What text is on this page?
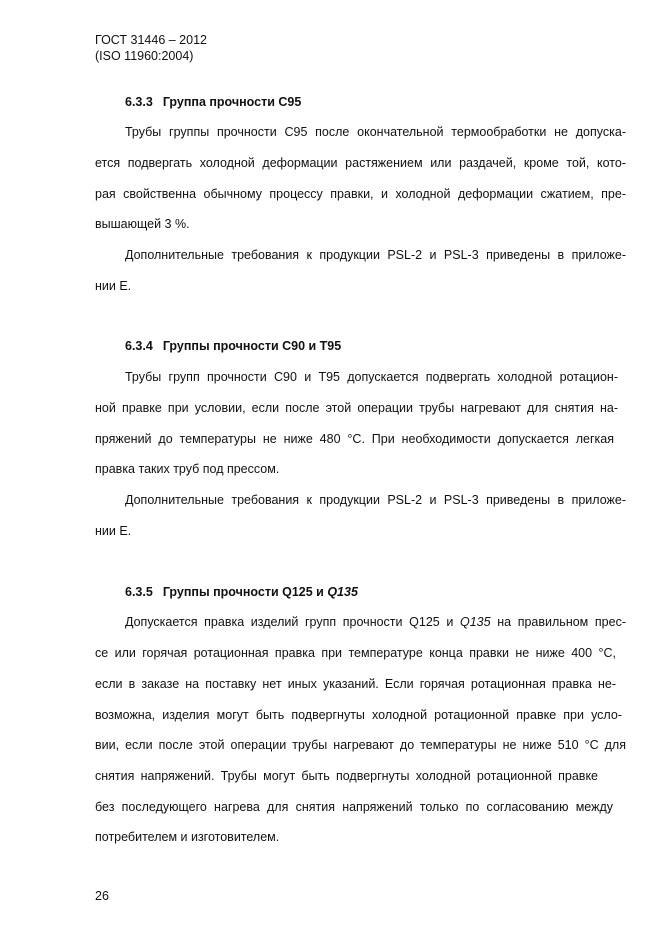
ГОСТ 31446 – 2012
(ISO 11960:2004)
6.3.3 Группа прочности С95
Трубы группы прочности С95 после окончательной термообработки не допуска-
ется подвергать холодной деформации растяжением или раздачей, кроме той, кото-
рая свойственна обычному процессу правки, и холодной деформации сжатием, пре-
вышающей 3 %.
Дополнительные требования к продукции PSL-2 и PSL-3 приведены в приложе-
нии Е.
6.3.4 Группы прочности С90 и Т95
Трубы групп прочности С90 и Т95 допускается подвергать холодной ротацион-
ной правке при условии, если после этой операции трубы нагревают для снятия на-
пряжений до температуры не ниже 480 °С. При необходимости допускается легкая
правка таких труб под прессом.
Дополнительные требования к продукции PSL-2 и PSL-3 приведены в приложе-
нии Е.
6.3.5 Группы прочности Q125 и Q135
Допускается правка изделий групп прочности Q125 и Q135 на правильном прес-
се или горячая ротационная правка при температуре конца правки не ниже 400 °С,
если в заказе на поставку нет иных указаний. Если горячая ротационная правка не-
возможна, изделия могут быть подвергнуты холодной ротационной правке при усло-
вии, если после этой операции трубы нагревают до температуры не ниже 510 °С для
снятия напряжений. Трубы могут быть подвергнуты холодной ротационной правке
без последующего нагрева для снятия напряжений только по согласованию между
потребителем и изготовителем.
26
